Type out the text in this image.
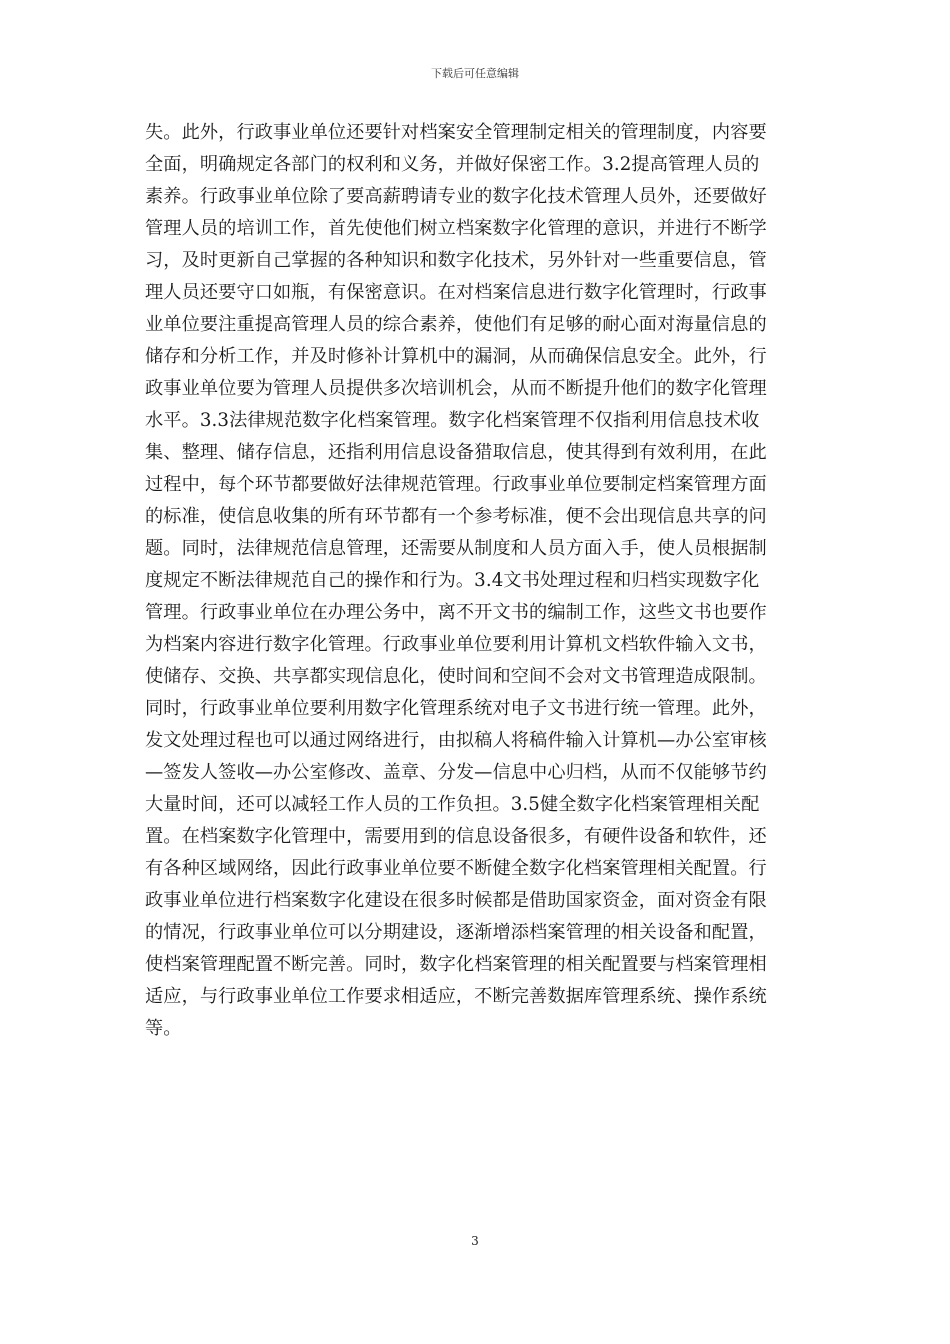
下载后可任意编辑
失。此外，行政事业单位还要针对档案安全管理制定相关的管理制度，内容要
全面，明确规定各部门的权利和义务，并做好保密工作。3.2提高管理人员的
素养。行政事业单位除了要高薪聘请专业的数字化技术管理人员外，还要做好
管理人员的培训工作，首先使他们树立档案数字化管理的意识，并进行不断学
习，及时更新自己掌握的各种知识和数字化技术，另外针对一些重要信息，管
理人员还要守口如瓶，有保密意识。在对档案信息进行数字化管理时，行政事
业单位要注重提高管理人员的综合素养，使他们有足够的耐心面对海量信息的
储存和分析工作，并及时修补计算机中的漏洞，从而确保信息安全。此外，行
政事业单位要为管理人员提供多次培训机会，从而不断提升他们的数字化管理
水平。3.3法律规范数字化档案管理。数字化档案管理不仅指利用信息技术收
集、整理、储存信息，还指利用信息设备猎取信息，使其得到有效利用，在此
过程中，每个环节都要做好法律规范管理。行政事业单位要制定档案管理方面
的标准，使信息收集的所有环节都有一个参考标准，便不会出现信息共享的问
题。同时，法律规范信息管理，还需要从制度和人员方面入手，使人员根据制
度规定不断法律规范自己的操作和行为。3.4文书处理过程和归档实现数字化
管理。行政事业单位在办理公务中，离不开文书的编制工作，这些文书也要作
为档案内容进行数字化管理。行政事业单位要利用计算机文档软件输入文书，
使储存、交换、共享都实现信息化，使时间和空间不会对文书管理造成限制。
同时，行政事业单位要利用数字化管理系统对电子文书进行统一管理。此外，
发文处理过程也可以通过网络进行，由拟稿人将稿件输入计算机—办公室审核
—签发人签收—办公室修改、盖章、分发—信息中心归档，从而不仅能够节约
大量时间，还可以减轻工作人员的工作负担。3.5健全数字化档案管理相关配
置。在档案数字化管理中，需要用到的信息设备很多，有硬件设备和软件，还
有各种区域网络，因此行政事业单位要不断健全数字化档案管理相关配置。行
政事业单位进行档案数字化建设在很多时候都是借助国家资金，面对资金有限
的情况，行政事业单位可以分期建设，逐渐增添档案管理的相关设备和配置，
使档案管理配置不断完善。同时，数字化档案管理的相关配置要与档案管理相
适应，与行政事业单位工作要求相适应，不断完善数据库管理系统、操作系统
等。
3
